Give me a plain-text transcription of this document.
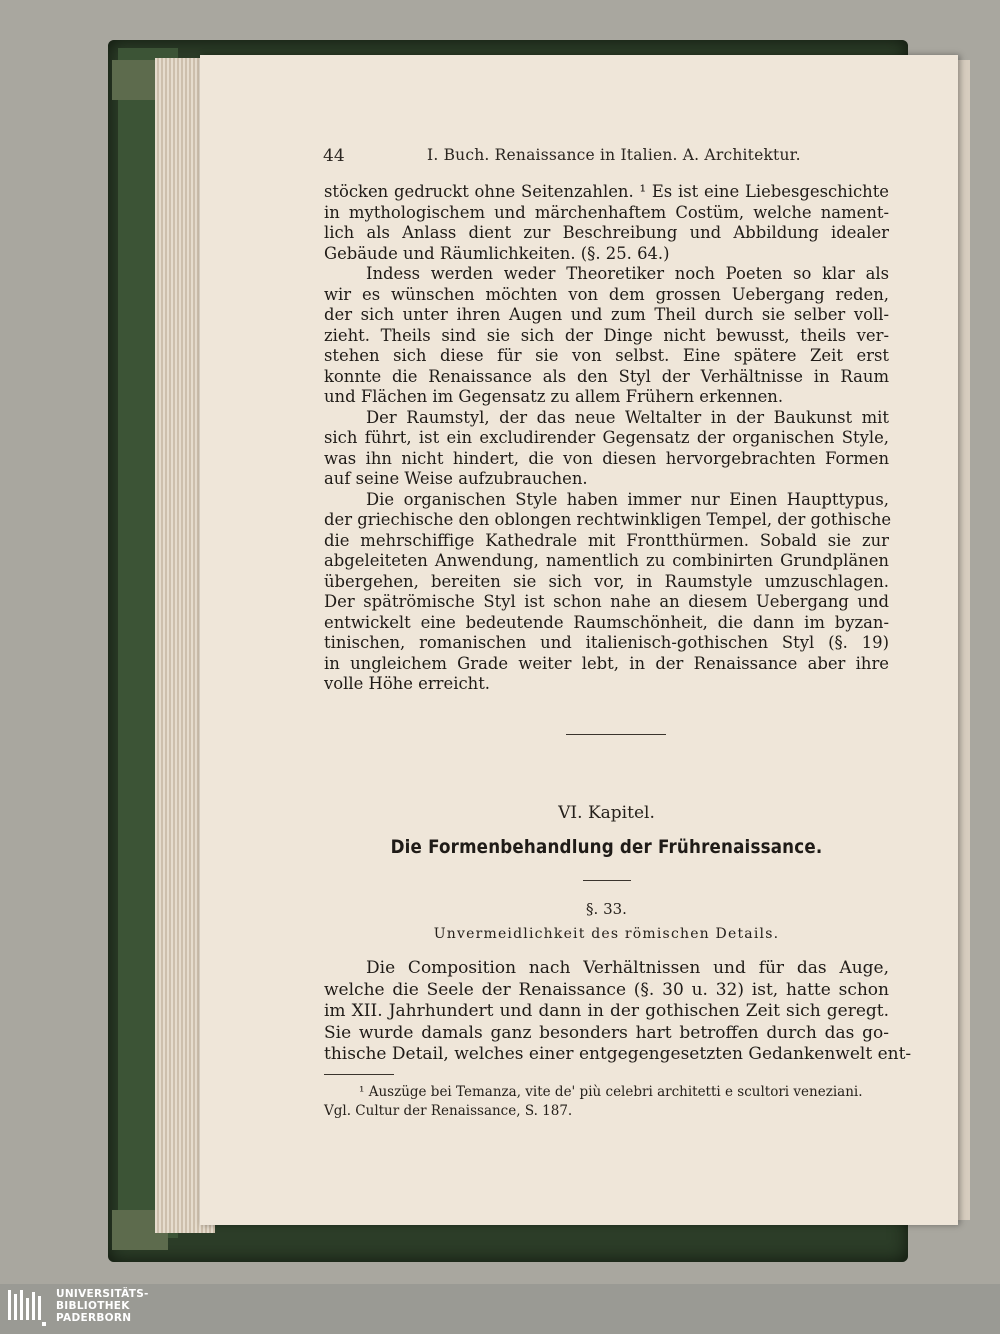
44	I. Buch. Renaissance in Italien. A. Architektur.
stöcken gedruckt ohne Seitenzahlen. ¹ Es ist eine Liebesgeschichte
in mythologischem und märchenhaftem Costüm, welche nament-
lich als Anlass dient zur Beschreibung und Abbildung idealer
Gebäude und Räumlichkeiten. (§. 25. 64.)
Indess werden weder Theoretiker noch Poeten so klar als
wir es wünschen möchten von dem grossen Uebergang reden,
der sich unter ihren Augen und zum Theil durch sie selber voll-
zieht. Theils sind sie sich der Dinge nicht bewusst, theils ver-
stehen sich diese für sie von selbst. Eine spätere Zeit erst
konnte die Renaissance als den Styl der Verhältnisse in Raum
und Flächen im Gegensatz zu allem Frühern erkennen.
Der Raumstyl, der das neue Weltalter in der Baukunst mit
sich führt, ist ein excludirender Gegensatz der organischen Style,
was ihn nicht hindert, die von diesen hervorgebrachten Formen
auf seine Weise aufzubrauchen.
Die organischen Style haben immer nur Einen Haupttypus,
der griechische den oblongen rechtwinkligen Tempel, der gothische
die mehrschiffige Kathedrale mit Frontthürmen. Sobald sie zur
abgeleiteten Anwendung, namentlich zu combinirten Grundplänen
übergehen, bereiten sie sich vor, in Raumstyle umzuschlagen.
Der spätrömische Styl ist schon nahe an diesem Uebergang und
entwickelt eine bedeutende Raumschönheit, die dann im byzan-
tinischen, romanischen und italienisch-gothischen Styl (§. 19)
in ungleichem Grade weiter lebt, in der Renaissance aber ihre
volle Höhe erreicht.
VI. Kapitel.
Die Formenbehandlung der Frührenaissance.
§. 33.
Unvermeidlichkeit des römischen Details.
Die Composition nach Verhältnissen und für das Auge,
welche die Seele der Renaissance (§. 30 u. 32) ist, hatte schon
im XII. Jahrhundert und dann in der gothischen Zeit sich geregt.
Sie wurde damals ganz besonders hart betroffen durch das go-
thische Detail, welches einer entgegengesetzten Gedankenwelt ent-
¹ Auszüge bei Temanza, vite de' più celebri architetti e scultori veneziani.
Vgl. Cultur der Renaissance, S. 187.
UNIVERSITÄTS-
BIBLIOTHEK
PADERBORN
